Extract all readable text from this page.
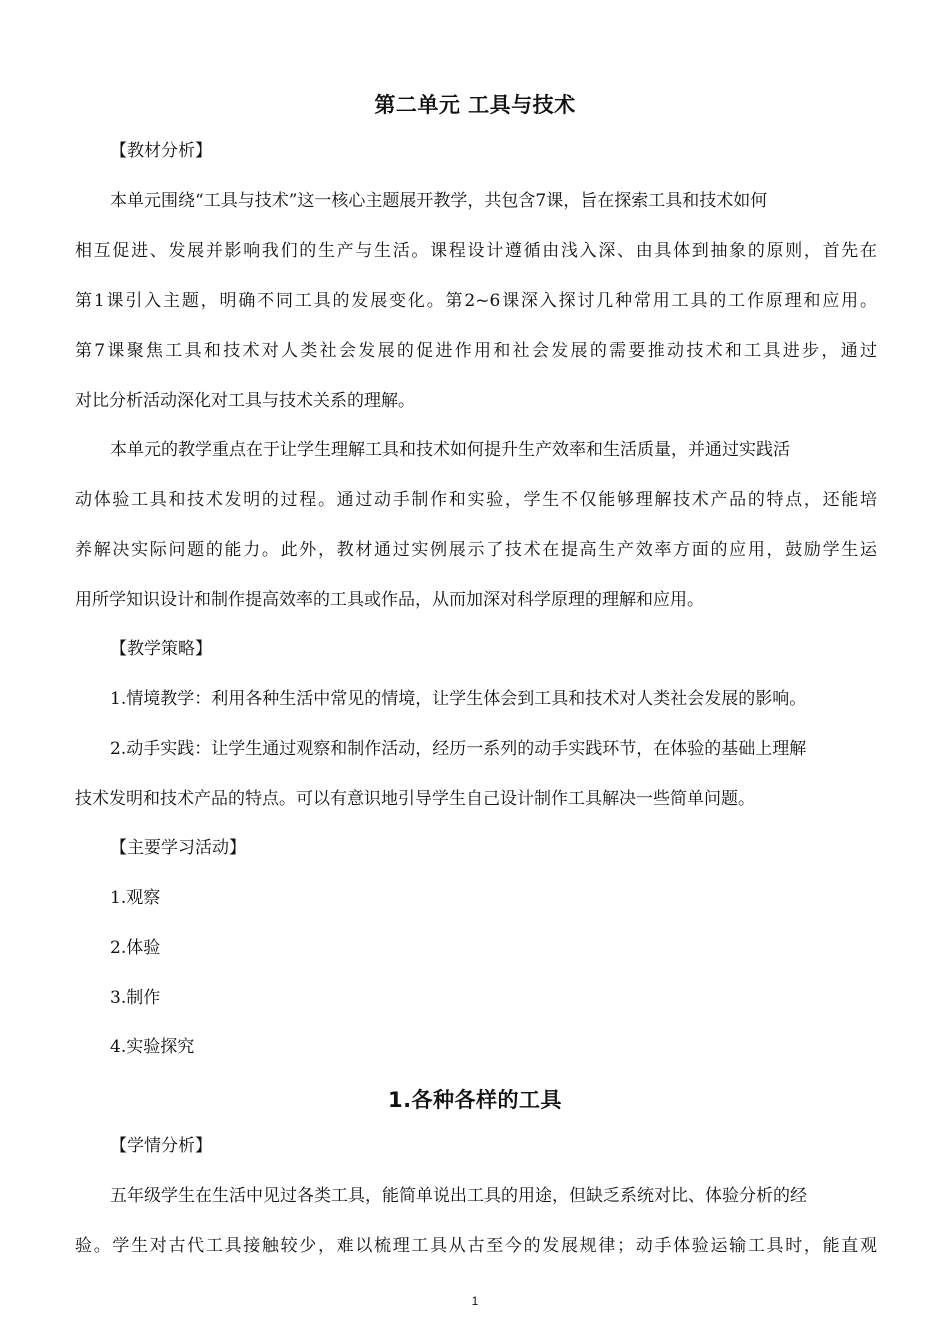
第二单元 工具与技术
【教材分析】
本单元围绕“工具与技术”这一核心主题展开教学，共包含7课，旨在探索工具和技术如何
相互促进、发展并影响我们的生产与生活。课程设计遵循由浅入深、由具体到抽象的原则，首先在
第1课引入主题，明确不同工具的发展变化。第2~6课深入探讨几种常用工具的工作原理和应用。
第7课聚焦工具和技术对人类社会发展的促进作用和社会发展的需要推动技术和工具进步，通过
对比分析活动深化对工具与技术关系的理解。
本单元的教学重点在于让学生理解工具和技术如何提升生产效率和生活质量，并通过实践活
动体验工具和技术发明的过程。通过动手制作和实验，学生不仅能够理解技术产品的特点，还能培
养解决实际问题的能力。此外，教材通过实例展示了技术在提高生产效率方面的应用，鼓励学生运
用所学知识设计和制作提高效率的工具或作品，从而加深对科学原理的理解和应用。
【教学策略】
1.情境教学：利用各种生活中常见的情境，让学生体会到工具和技术对人类社会发展的影响。
2.动手实践：让学生通过观察和制作活动，经历一系列的动手实践环节，在体验的基础上理解
技术发明和技术产品的特点。可以有意识地引导学生自己设计制作工具解决一些简单问题。
【主要学习活动】
1.观察
2.体验
3.制作
4.实验探究
1.各种各样的工具
【学情分析】
五年级学生在生活中见过各类工具，能简单说出工具的用途，但缺乏系统对比、体验分析的经
验。学生对古代工具接触较少，难以梳理工具从古至今的发展规律；动手体验运输工具时，能直观
1
